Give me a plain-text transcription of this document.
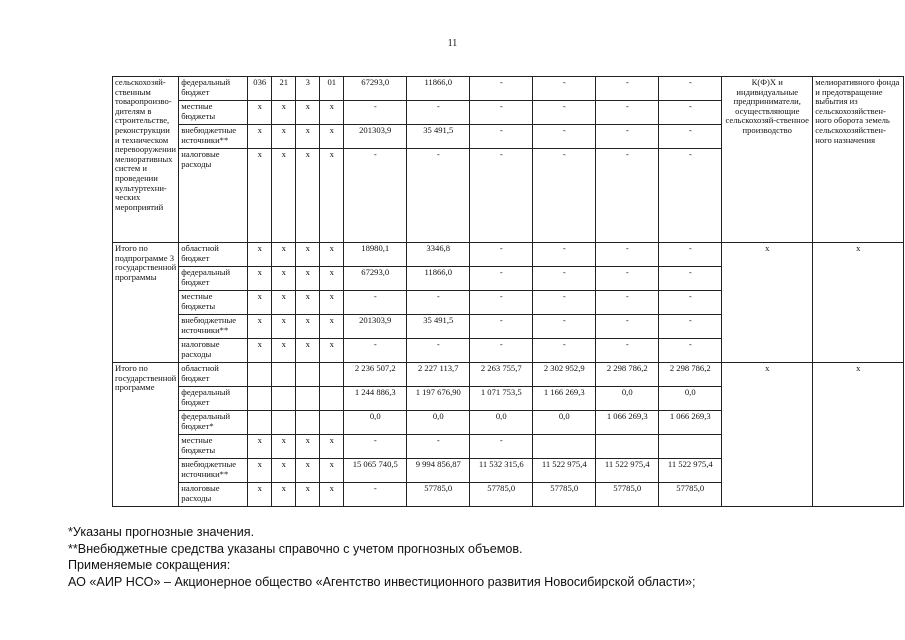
11
сельскохозяй-ственным товаропроизво-дителям в строительстве, реконструкции и техническом перевооружении мелиоративных систем и проведении культуртехни-ческих мероприятий	федеральный бюджет	036	21	3	01	67293,0	11866,0	-	-	-	-	К(Ф)Х и индивидуальные предприниматели, осуществляющие сельскохозяй-ственное производство	мелиоративного фонда и предотвращение выбытия из сельскохозяйствен-ного оборота земель сельскохозяйствен-ного назначения
	местные бюджеты	x	x	x	x	-	-	-	-	-	-		
	внебюджетные источники**	x	x	x	x	201303,9	35 491,5	-	-	-	-		
	налоговые расходы	x	x	x	x	-	-	-	-	-	-		
Итого по подпрограмме 3 государственной программы	областной бюджет	x	x	x	x	18980,1	3346,8	-	-	-	-	x	x
	федеральный бюджет	x	x	x	x	67293,0	11866,0	-	-	-	-		
	местные бюджеты	x	x	x	x	-	-	-	-	-	-		
	внебюджетные источники**	x	x	x	x	201303,9	35 491,5	-	-	-	-		
	налоговые расходы	x	x	x	x	-	-	-	-	-	-		
Итого по государственной программе	областной бюджет					2 236 507,2	2 227 113,7	2 263 755,7	2 302 952,9	2 298 786,2	2 298 786,2	x	x
	федеральный бюджет					1 244 886,3	1 197 676,90	1 071 753,5	1 166 269,3	0,0	0,0		
	федеральный бюджет*					0,0	0,0	0,0	0,0	1 066 269,3	1 066 269,3		
	местные бюджеты	x	x	x	x	-	-	-					
	внебюджетные источники**	x	x	x	x	15 065 740,5	9 994 856,87	11 532 315,6	11 522 975,4	11 522 975,4	11 522 975,4		
	налоговые расходы	x	x	x	x	-	57785,0	57785,0	57785,0	57785,0	57785,0		

*Указаны прогнозные значения.

**Внебюджетные средства указаны справочно с учетом прогнозных объемов.

Применяемые сокращения:

АО «АИР НСО» – Акционерное общество «Агентство инвестиционного развития Новосибирской области»;
